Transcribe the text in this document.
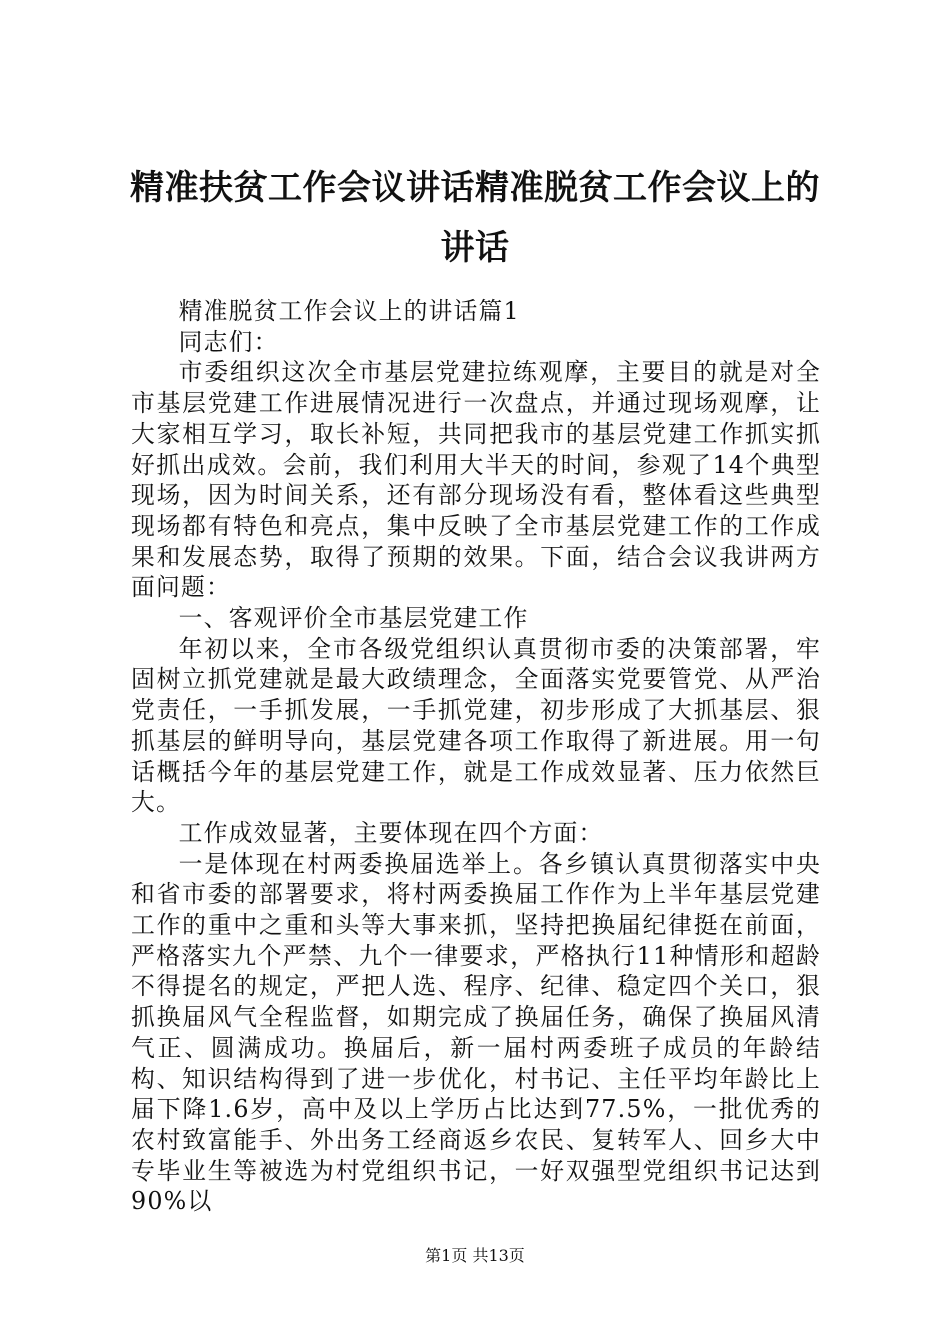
精准扶贫工作会议讲话精准脱贫工作会议上的讲话

精准脱贫工作会议上的讲话篇1

同志们：

市委组织这次全市基层党建拉练观摩，主要目的就是对全市基层党建工作进展情况进行一次盘点，并通过现场观摩，让大家相互学习，取长补短，共同把我市的基层党建工作抓实抓好抓出成效。会前，我们利用大半天的时间，参观了14个典型现场，因为时间关系，还有部分现场没有看，整体看这些典型现场都有特色和亮点，集中反映了全市基层党建工作的工作成果和发展态势，取得了预期的效果。下面，结合会议我讲两方面问题：

一、客观评价全市基层党建工作

年初以来，全市各级党组织认真贯彻市委的决策部署，牢固树立抓党建就是最大政绩理念，全面落实党要管党、从严治党责任，一手抓发展，一手抓党建，初步形成了大抓基层、狠抓基层的鲜明导向，基层党建各项工作取得了新进展。用一句话概括今年的基层党建工作，就是工作成效显著、压力依然巨大。

工作成效显著，主要体现在四个方面：

一是体现在村两委换届选举上。各乡镇认真贯彻落实中央和省市委的部署要求，将村两委换届工作作为上半年基层党建工作的重中之重和头等大事来抓，坚持把换届纪律挺在前面，严格落实九个严禁、九个一律要求，严格执行11种情形和超龄不得提名的规定，严把人选、程序、纪律、稳定四个关口，狠抓换届风气全程监督，如期完成了换届任务，确保了换届风清气正、圆满成功。换届后，新一届村两委班子成员的年龄结构、知识结构得到了进一步优化，村书记、主任平均年龄比上届下降1.6岁，高中及以上学历占比达到77.5%，一批优秀的农村致富能手、外出务工经商返乡农民、复转军人、回乡大中专毕业生等被选为村党组织书记，一好双强型党组织书记达到90%以

第1页 共13页
